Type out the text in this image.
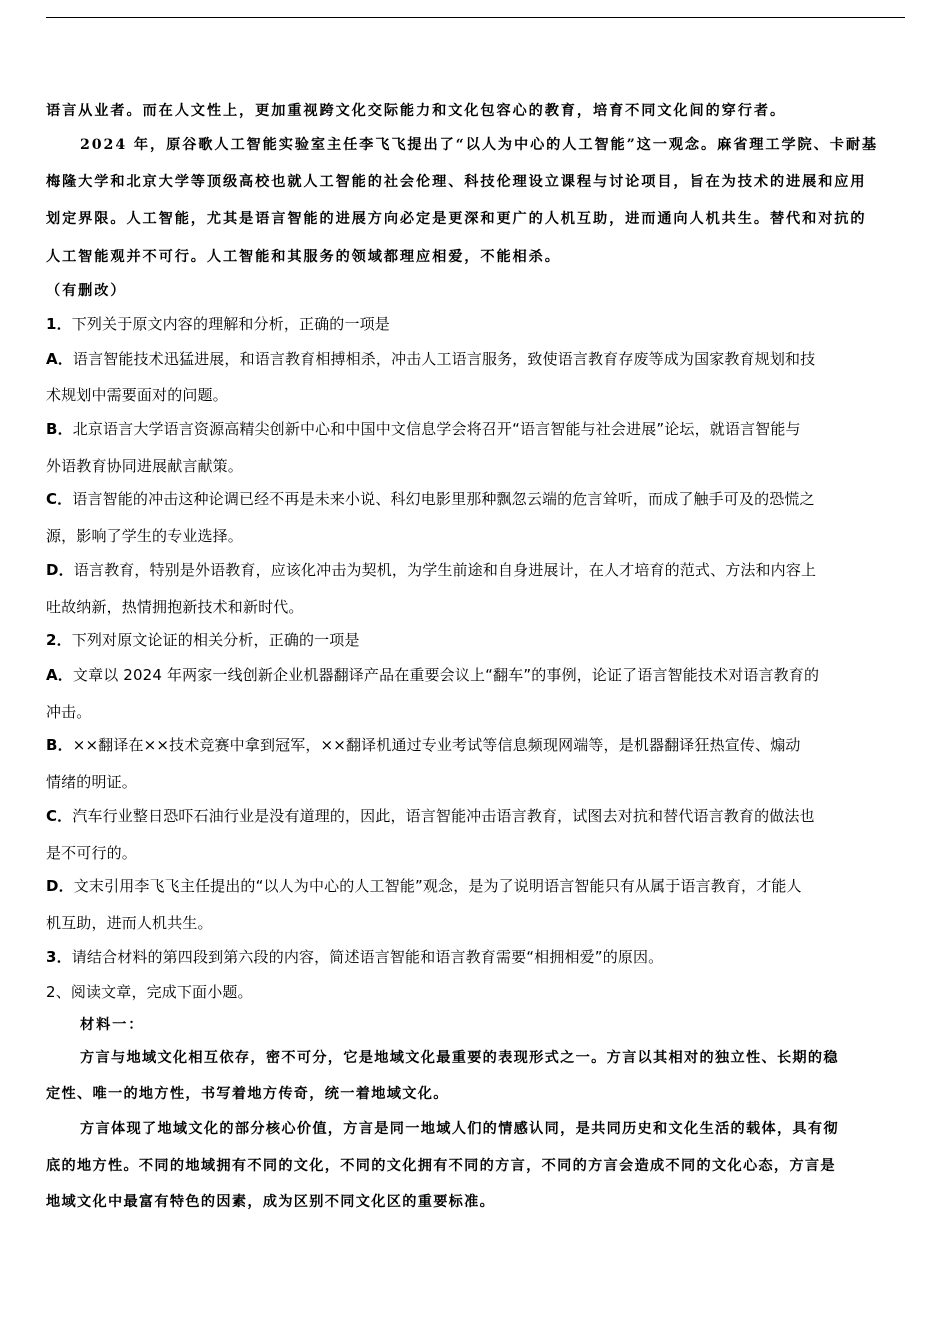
语言从业者。而在人文性上，更加重视跨文化交际能力和文化包容心的教育，培育不同文化间的穿行者。
2024 年，原谷歌人工智能实验室主任李飞飞提出了“以人为中心的人工智能”这一观念。麻省理工学院、卡耐基
梅隆大学和北京大学等顶级高校也就人工智能的社会伦理、科技伦理设立课程与讨论项目，旨在为技术的进展和应用
划定界限。人工智能，尤其是语言智能的进展方向必定是更深和更广的人机互助，进而通向人机共生。替代和对抗的
人工智能观并不可行。人工智能和其服务的领域都理应相爱，不能相杀。
（有删改）
1．下列关于原文内容的理解和分析，正确的一项是
A．语言智能技术迅猛进展，和语言教育相搏相杀，冲击人工语言服务，致使语言教育存废等成为国家教育规划和技
术规划中需要面对的问题。
B．北京语言大学语言资源高精尖创新中心和中国中文信息学会将召开“语言智能与社会进展”论坛，就语言智能与
外语教育协同进展献言献策。
C．语言智能的冲击这种论调已经不再是未来小说、科幻电影里那种飘忽云端的危言耸听，而成了触手可及的恐慌之
源，影响了学生的专业选择。
D．语言教育，特别是外语教育，应该化冲击为契机，为学生前途和自身进展计，在人才培育的范式、方法和内容上
吐故纳新，热情拥抱新技术和新时代。
2．下列对原文论证的相关分析，正确的一项是
A．文章以 2024 年两家一线创新企业机器翻译产品在重要会议上“翻车”的事例，论证了语言智能技术对语言教育的
冲击。
B．××翻译在××技术竞赛中拿到冠军，××翻译机通过专业考试等信息频现网端等，是机器翻译狂热宣传、煽动
情绪的明证。
C．汽车行业整日恐吓石油行业是没有道理的，因此，语言智能冲击语言教育，试图去对抗和替代语言教育的做法也
是不可行的。
D．文末引用李飞飞主任提出的“以人为中心的人工智能”观念，是为了说明语言智能只有从属于语言教育，才能人
机互助，进而人机共生。
3．请结合材料的第四段到第六段的内容，简述语言智能和语言教育需要“相拥相爱”的原因。
2、阅读文章，完成下面小题。
材料一：
方言与地域文化相互依存，密不可分，它是地域文化最重要的表现形式之一。方言以其相对的独立性、长期的稳
定性、唯一的地方性，书写着地方传奇，统一着地域文化。
方言体现了地域文化的部分核心价值，方言是同一地域人们的情感认同，是共同历史和文化生活的载体，具有彻
底的地方性。不同的地域拥有不同的文化，不同的文化拥有不同的方言，不同的方言会造成不同的文化心态，方言是
地域文化中最富有特色的因素，成为区别不同文化区的重要标准。
